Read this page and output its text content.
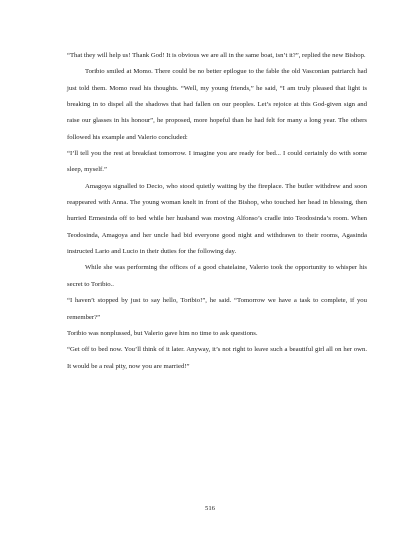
“That they will help us! Thank God! It is obvious we are all in the same boat, isn’t it?”, replied the new Bishop.

Toribio smiled at Momo. There could be no better epilogue to the fable the old Vasconian patriarch had just told them. Momo read his thoughts. “Well, my young friends,” he said, “I am truly pleased that light is breaking in to dispel all the shadows that had fallen on our peoples. Let’s rejoice at this God-given sign and raise our glasses in his honour”, he proposed, more hopeful than he had felt for many a long year. The others followed his example and Valerio concluded:

“I’ll tell you the rest at breakfast tomorrow. I imagine you are ready for bed... I could certainly do with some sleep, myself.”

Amagoya signalled to Decio, who stood quietly waiting by the fireplace. The butler withdrew and soon reappeared with Anna. The young woman knelt in front of the Bishop, who touched her head in blessing, then hurried Ermesinda off to bed while her husband was moving Alfonso’s cradle into Teodosinda’s room. When Teodosinda, Amagoya and her uncle had bid everyone good night and withdrawn to their rooms, Agasinda instructed Lario and Lucio in their duties for the following day.

While she was performing the offices of a good chatelaine, Valerio took the opportunity to whisper his secret to Toribio..

“I haven’t stopped by just to say hello, Toribio!”, he said. “Tomorrow we have a task to complete, if you remember?”

Toribio was nonplussed, but Valerio gave him no time to ask questions.

“Get off to bed now. You’ll think of it later. Anyway, it’s not right to leave such a beautiful girl all on her own. It would be a real pity, now you are married!”

516
